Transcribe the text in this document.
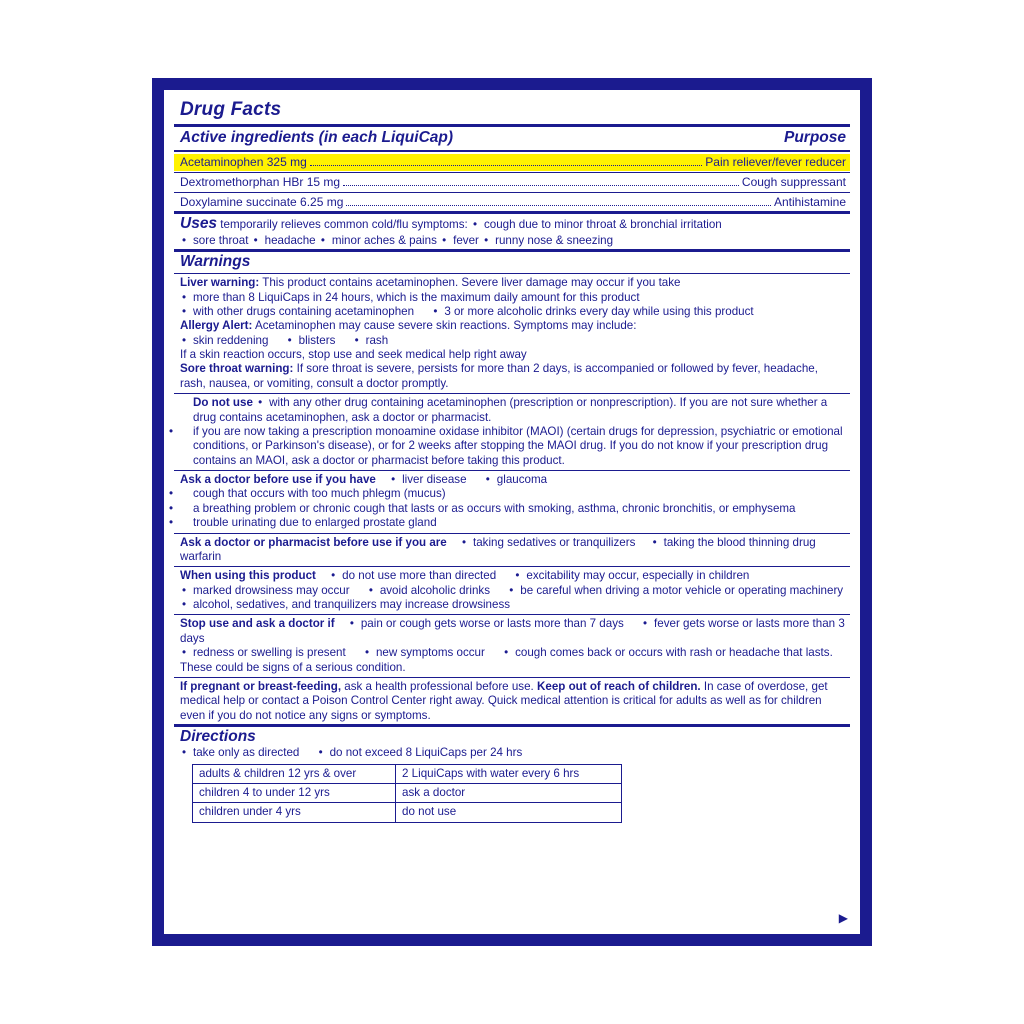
Drug Facts
Active ingredients (in each LiquiCap)	Purpose
Acetaminophen 325 mg	Pain reliever/fever reducer
Dextromethorphan HBr 15 mg	Cough suppressant
Doxylamine succinate 6.25 mg	Antihistamine
Uses temporarily relieves common cold/flu symptoms: • cough due to minor throat & bronchial irritation
• sore throat • headache • minor aches & pains • fever • runny nose & sneezing
Warnings
Liver warning: This product contains acetaminophen. Severe liver damage may occur if you take
• more than 8 LiquiCaps in 24 hours, which is the maximum daily amount for this product
• with other drugs containing acetaminophen	• 3 or more alcoholic drinks every day while using this product
Allergy Alert: Acetaminophen may cause severe skin reactions. Symptoms may include:
• skin reddening	• blisters	• rash
If a skin reaction occurs, stop use and seek medical help right away
Sore throat warning: If sore throat is severe, persists for more than 2 days, is accompanied or followed by fever, headache, rash, nausea, or vomiting, consult a doctor promptly.
Do not use • with any other drug containing acetaminophen (prescription or nonprescription). If you are not sure whether a drug contains acetaminophen, ask a doctor or pharmacist.
• if you are now taking a prescription monoamine oxidase inhibitor (MAOI) (certain drugs for depression, psychiatric or emotional conditions, or Parkinson's disease), or for 2 weeks after stopping the MAOI drug. If you do not know if your prescription drug contains an MAOI, ask a doctor or pharmacist before taking this product.
Ask a doctor before use if you have • liver disease	• glaucoma
• cough that occurs with too much phlegm (mucus)
• a breathing problem or chronic cough that lasts or as occurs with smoking, asthma, chronic bronchitis, or emphysema
• trouble urinating due to enlarged prostate gland
Ask a doctor or pharmacist before use if you are • taking sedatives or tranquilizers • taking the blood thinning drug warfarin
When using this product • do not use more than directed	• excitability may occur, especially in children
• marked drowsiness may occur	• avoid alcoholic drinks	• be careful when driving a motor vehicle or operating machinery
• alcohol, sedatives, and tranquilizers may increase drowsiness
Stop use and ask a doctor if • pain or cough gets worse or lasts more than 7 days	• fever gets worse or lasts more than 3 days
• redness or swelling is present	• new symptoms occur	• cough comes back or occurs with rash or headache that lasts.
These could be signs of a serious condition.
If pregnant or breast-feeding, ask a health professional before use. Keep out of reach of children. In case of overdose, get medical help or contact a Poison Control Center right away. Quick medical attention is critical for adults as well as for children even if you do not notice any signs or symptoms.
Directions
• take only as directed	• do not exceed 8 LiquiCaps per 24 hrs
adults & children 12 yrs & over	2 LiquiCaps with water every 6 hrs
children 4 to under 12 yrs	ask a doctor
children under 4 yrs	do not use
▶
